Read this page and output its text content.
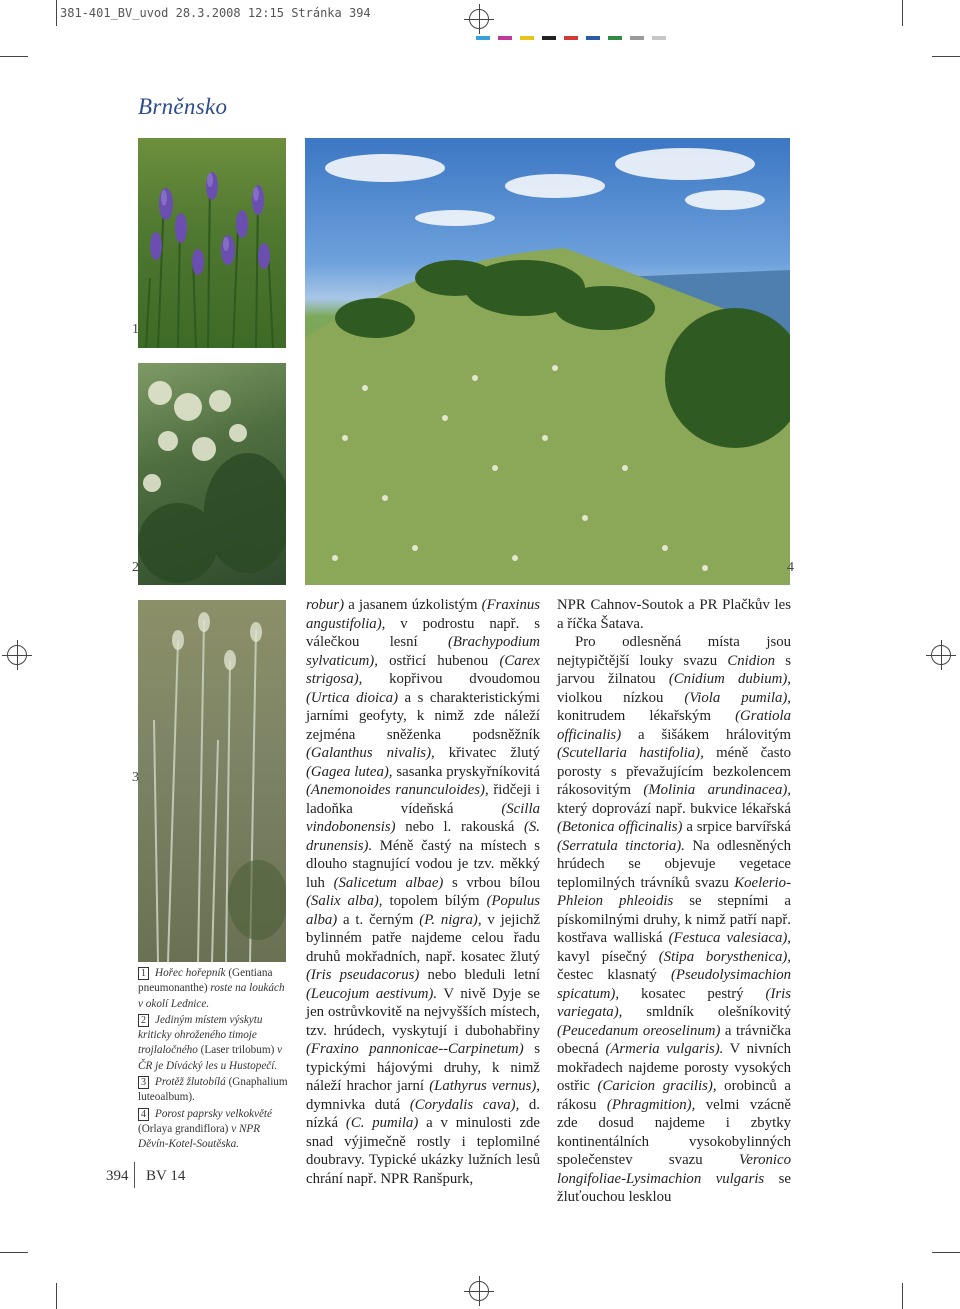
381-401_BV_uvod 28.3.2008 12:15 Stránka 394
Brněnsko
1
2
3
4

1 Hořec hořepník (Gentiana pneumonanthe) roste na loukách v okolí Lednice.

2 Jediným místem výskytu kriticky ohroženého timoje trojlaločného (Laser trilobum) v ČR je Dívácký les u Hustopečí.

3 Protěž žlutobílá (Gnaphalium luteoalbum).

4 Porost paprsky velkokvěté (Orlaya grandiflora) v NPR Děvín-Kotel-Soutěska.

robur) a jasanem úzkolistým (Fraxinus angustifolia), v podrostu např. s válečkou lesní (Brachypodium sylvaticum), ostřicí hubenou (Carex strigosa), kopřivou dvoudomou (Urtica dioica) a s charakteristickými jarními geofyty, k nimž zde náleží zejména sněženka podsněžník (Galanthus nivalis), křivatec žlutý (Gagea lutea), sasanka pryskyřníkovitá (Anemonoides ranunculoides), řidčeji i ladoňka vídeňská (Scilla vindobonensis) nebo l. rakouská (S. drunensis). Méně častý na místech s dlouho stagnující vodou je tzv. měkký luh (Salicetum albae) s vrbou bílou (Salix alba), topolem bílým (Populus alba) a t. černým (P. nigra), v jejichž bylinném patře najdeme celou řadu druhů mokřadních, např. kosatec žlutý (Iris pseudacorus) nebo bleduli letní (Leucojum aestivum). V nivě Dyje se jen ostrůvkovitě na nejvyšších místech, tzv. hrúdech, vyskytují i dubohabřiny (Fraxino pannonicae--Carpinetum) s typickými hájovými druhy, k nimž náleží hrachor jarní (Lathyrus vernus), dymnivka dutá (Corydalis cava), d. nízká (C. pumila) a v minulosti zde snad výjimečně rostly i teplomilné doubravy. Typické ukázky lužních lesů chrání např. NPR Ranšpurk,

NPR Cahnov-Soutok a PR Plačkův les a říčka Šatava.

Pro odlesněná místa jsou nejtypičtější louky svazu Cnidion s jarvou žilnatou (Cnidium dubium), violkou nízkou (Viola pumila), konitrudem lékařským (Gratiola officinalis) a šišákem hrálovitým (Scutellaria hastifolia), méně často porosty s převažujícím bezkolencem rákosovitým (Molinia arundinacea), který doprovází např. bukvice lékařská (Betonica officinalis) a srpice barvířská (Serratula tinctoria). Na odlesněných hrúdech se objevuje vegetace teplomilných trávníků svazu Koelerio-Phleion phleoidis se stepními a pískomilnými druhy, k nimž patří např. kostřava walliská (Festuca valesiaca), kavyl písečný (Stipa borysthenica), čestec klasnatý (Pseudolysimachion spicatum), kosatec pestrý (Iris variegata), smldník olešníkovitý (Peucedanum oreoselinum) a trávnička obecná (Armeria vulgaris). V nivních mokřadech najdeme porosty vysokých ostřic (Caricion gracilis), orobinců a rákosu (Phragmition), velmi vzácně zde dosud najdeme i zbytky kontinentálních vysokobylinných společenstev svazu Veronico longifoliae-Lysimachion vulgaris se žluťouchou lesklou

394 BV 14
